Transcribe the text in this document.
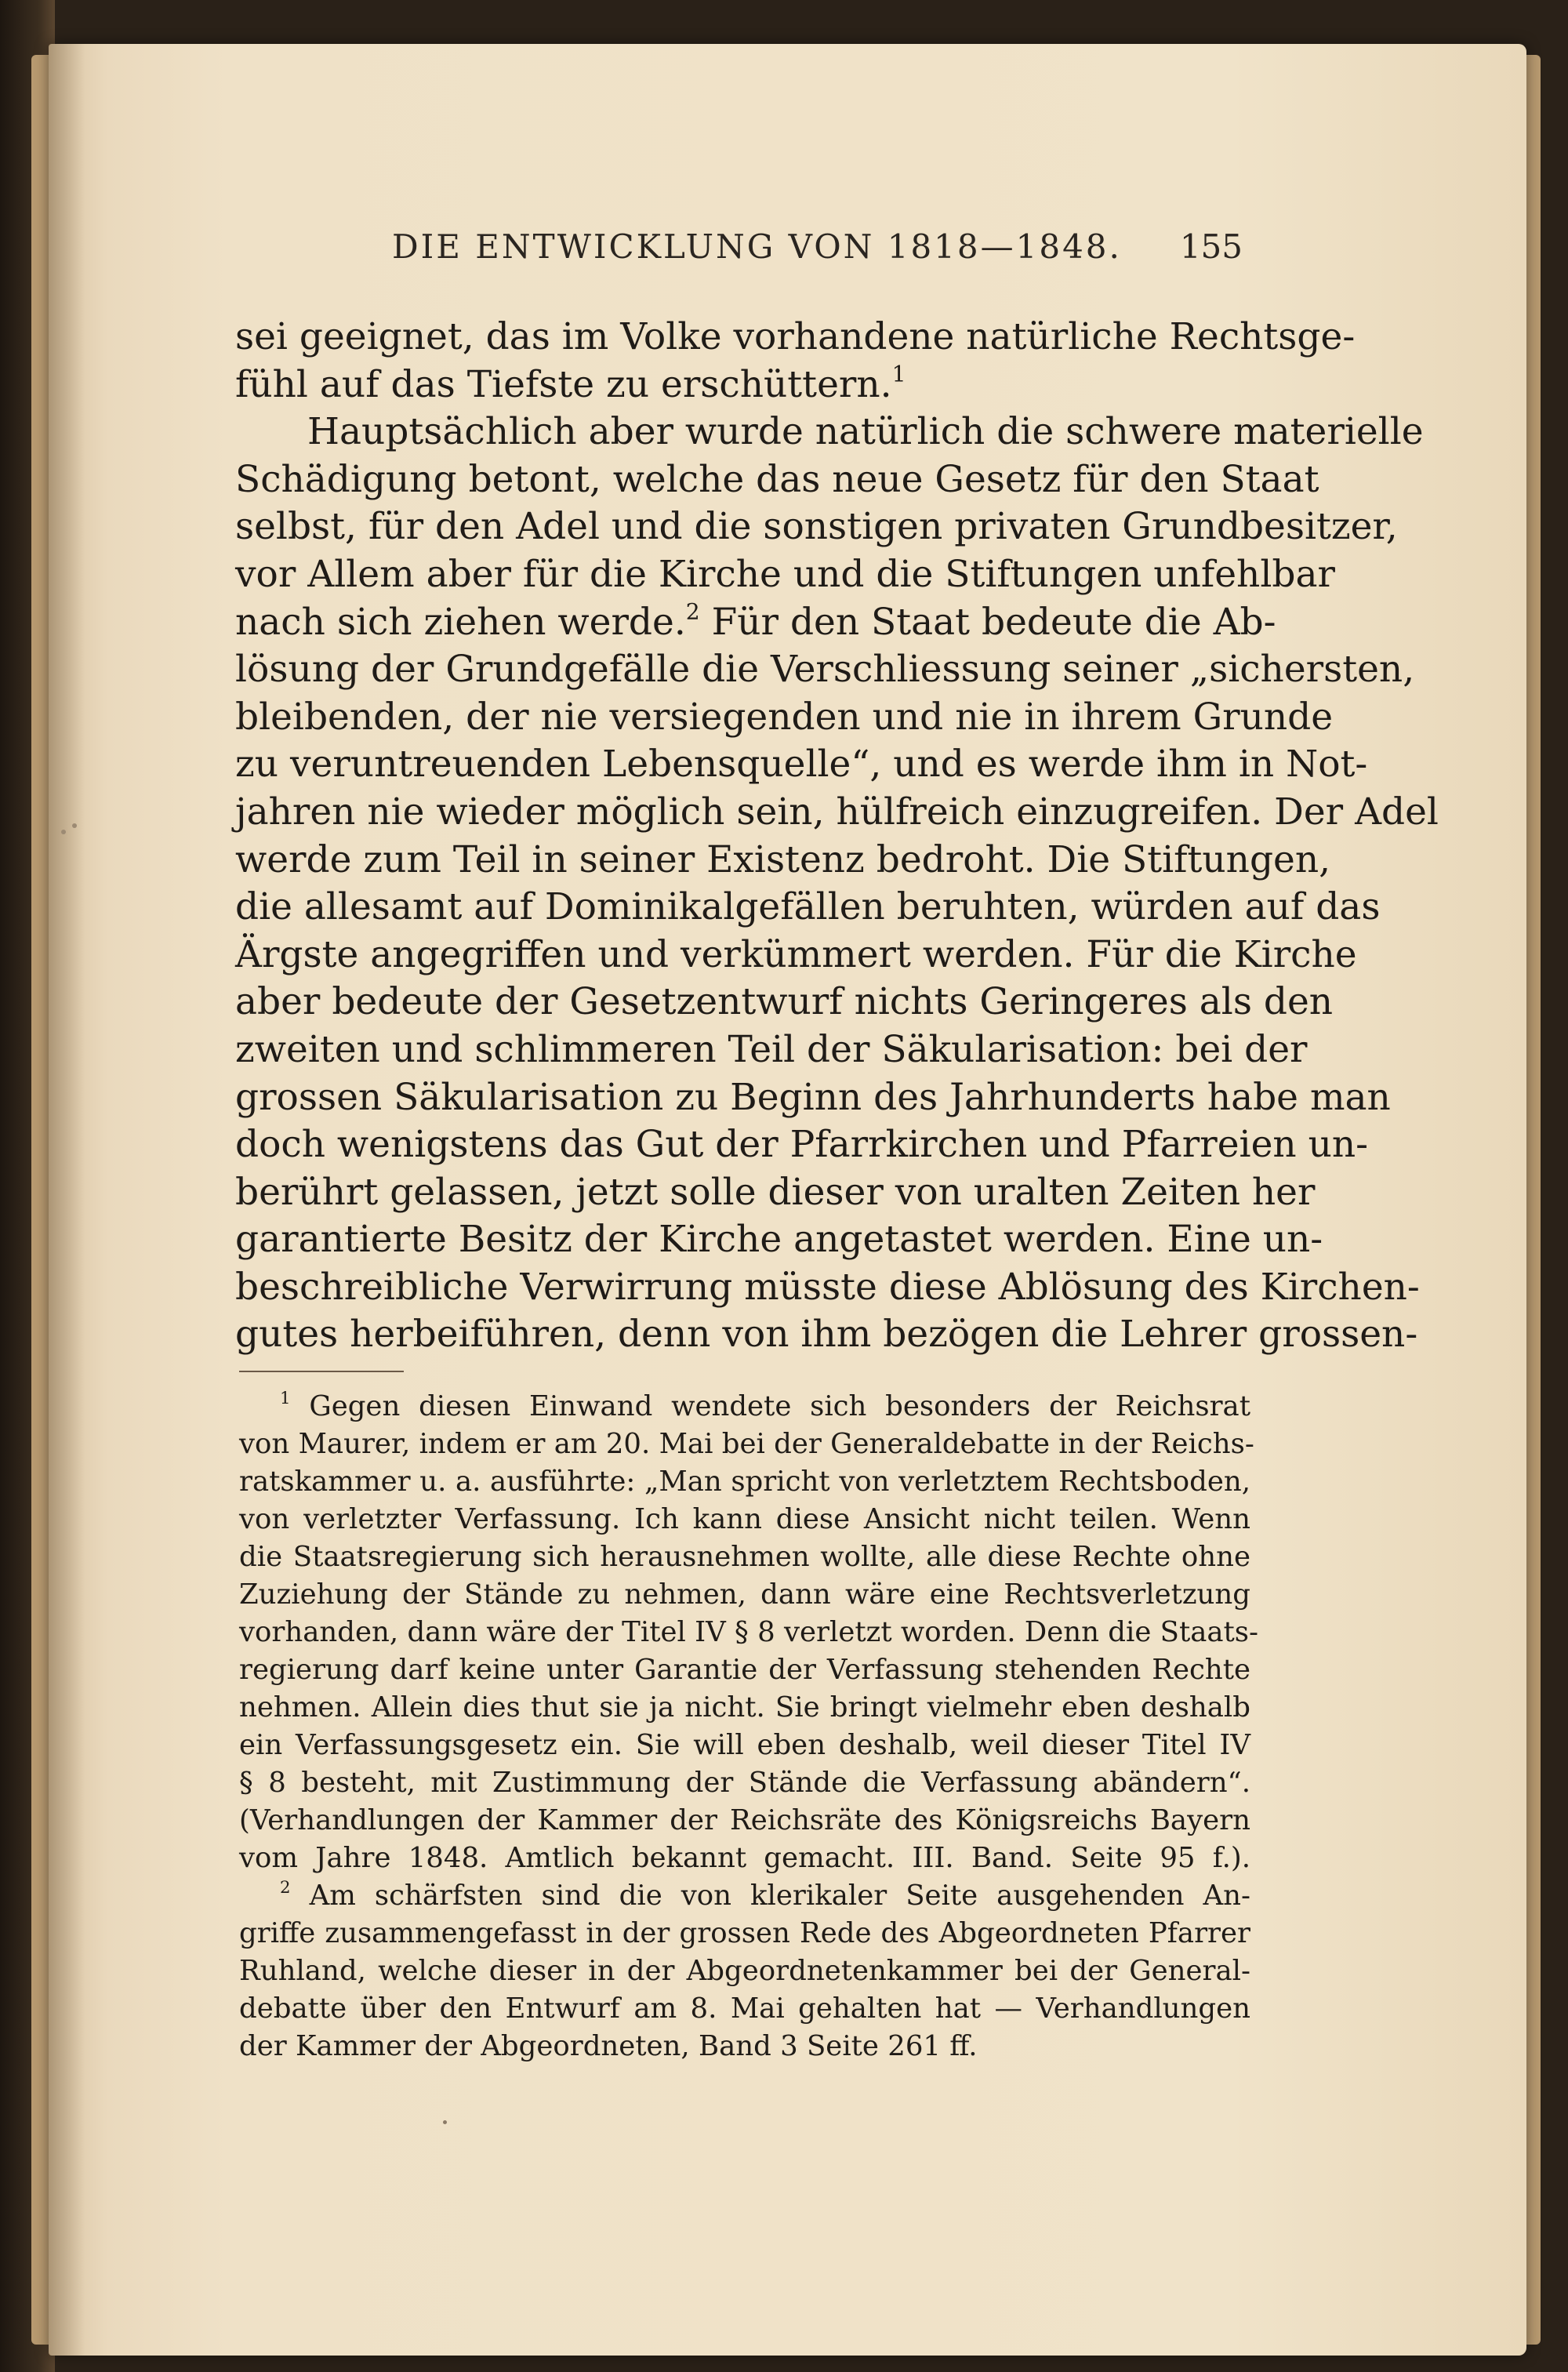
DIE ENTWICKLUNG VON 1818—1848. 155
sei geeignet, das im Volke vorhandene natürliche Rechtsge-
fühl auf das Tiefste zu erschüttern.$^1$
Hauptsächlich aber wurde natürlich die schwere materielle
Schädigung betont, welche das neue Gesetz für den Staat
selbst, für den Adel und die sonstigen privaten Grundbesitzer,
vor Allem aber für die Kirche und die Stiftungen unfehlbar
nach sich ziehen werde.$^2$ Für den Staat bedeute die Ab-
lösung der Grundgefälle die Verschliessung seiner „sichersten,
bleibenden, der nie versiegenden und nie in ihrem Grunde
zu veruntreuenden Lebensquelle“, und es werde ihm in Not-
jahren nie wieder möglich sein, hülfreich einzugreifen. Der Adel
werde zum Teil in seiner Existenz bedroht. Die Stiftungen,
die allesamt auf Dominikalgefällen beruhten, würden auf das
Ärgste angegriffen und verkümmert werden. Für die Kirche
aber bedeute der Gesetzentwurf nichts Geringeres als den
zweiten und schlimmeren Teil der Säkularisation: bei der
grossen Säkularisation zu Beginn des Jahrhunderts habe man
doch wenigstens das Gut der Pfarrkirchen und Pfarreien un-
berührt gelassen, jetzt solle dieser von uralten Zeiten her
garantierte Besitz der Kirche angetastet werden. Eine un-
beschreibliche Verwirrung müsste diese Ablösung des Kirchen-
gutes herbeiführen, denn von ihm bezögen die Lehrer grossen-
$^1$ Gegen diesen Einwand wendete sich besonders der Reichsrat
von Maurer, indem er am 20. Mai bei der Generaldebatte in der Reichs-
ratskammer u. a. ausführte: „Man spricht von verletztem Rechtsboden,
von verletzter Verfassung. Ich kann diese Ansicht nicht teilen. Wenn
die Staatsregierung sich herausnehmen wollte, alle diese Rechte ohne
Zuziehung der Stände zu nehmen, dann wäre eine Rechtsverletzung
vorhanden, dann wäre der Titel IV § 8 verletzt worden. Denn die Staats-
regierung darf keine unter Garantie der Verfassung stehenden Rechte
nehmen. Allein dies thut sie ja nicht. Sie bringt vielmehr eben deshalb
ein Verfassungsgesetz ein. Sie will eben deshalb, weil dieser Titel IV
§ 8 besteht, mit Zustimmung der Stände die Verfassung abändern“.
(Verhandlungen der Kammer der Reichsräte des Königsreichs Bayern
vom Jahre 1848. Amtlich bekannt gemacht. III. Band. Seite 95 f.).
$^2$ Am schärfsten sind die von klerikaler Seite ausgehenden An-
griffe zusammengefasst in der grossen Rede des Abgeordneten Pfarrer
Ruhland, welche dieser in der Abgeordnetenkammer bei der General-
debatte über den Entwurf am 8. Mai gehalten hat — Verhandlungen
der Kammer der Abgeordneten, Band 3 Seite 261 ff.
